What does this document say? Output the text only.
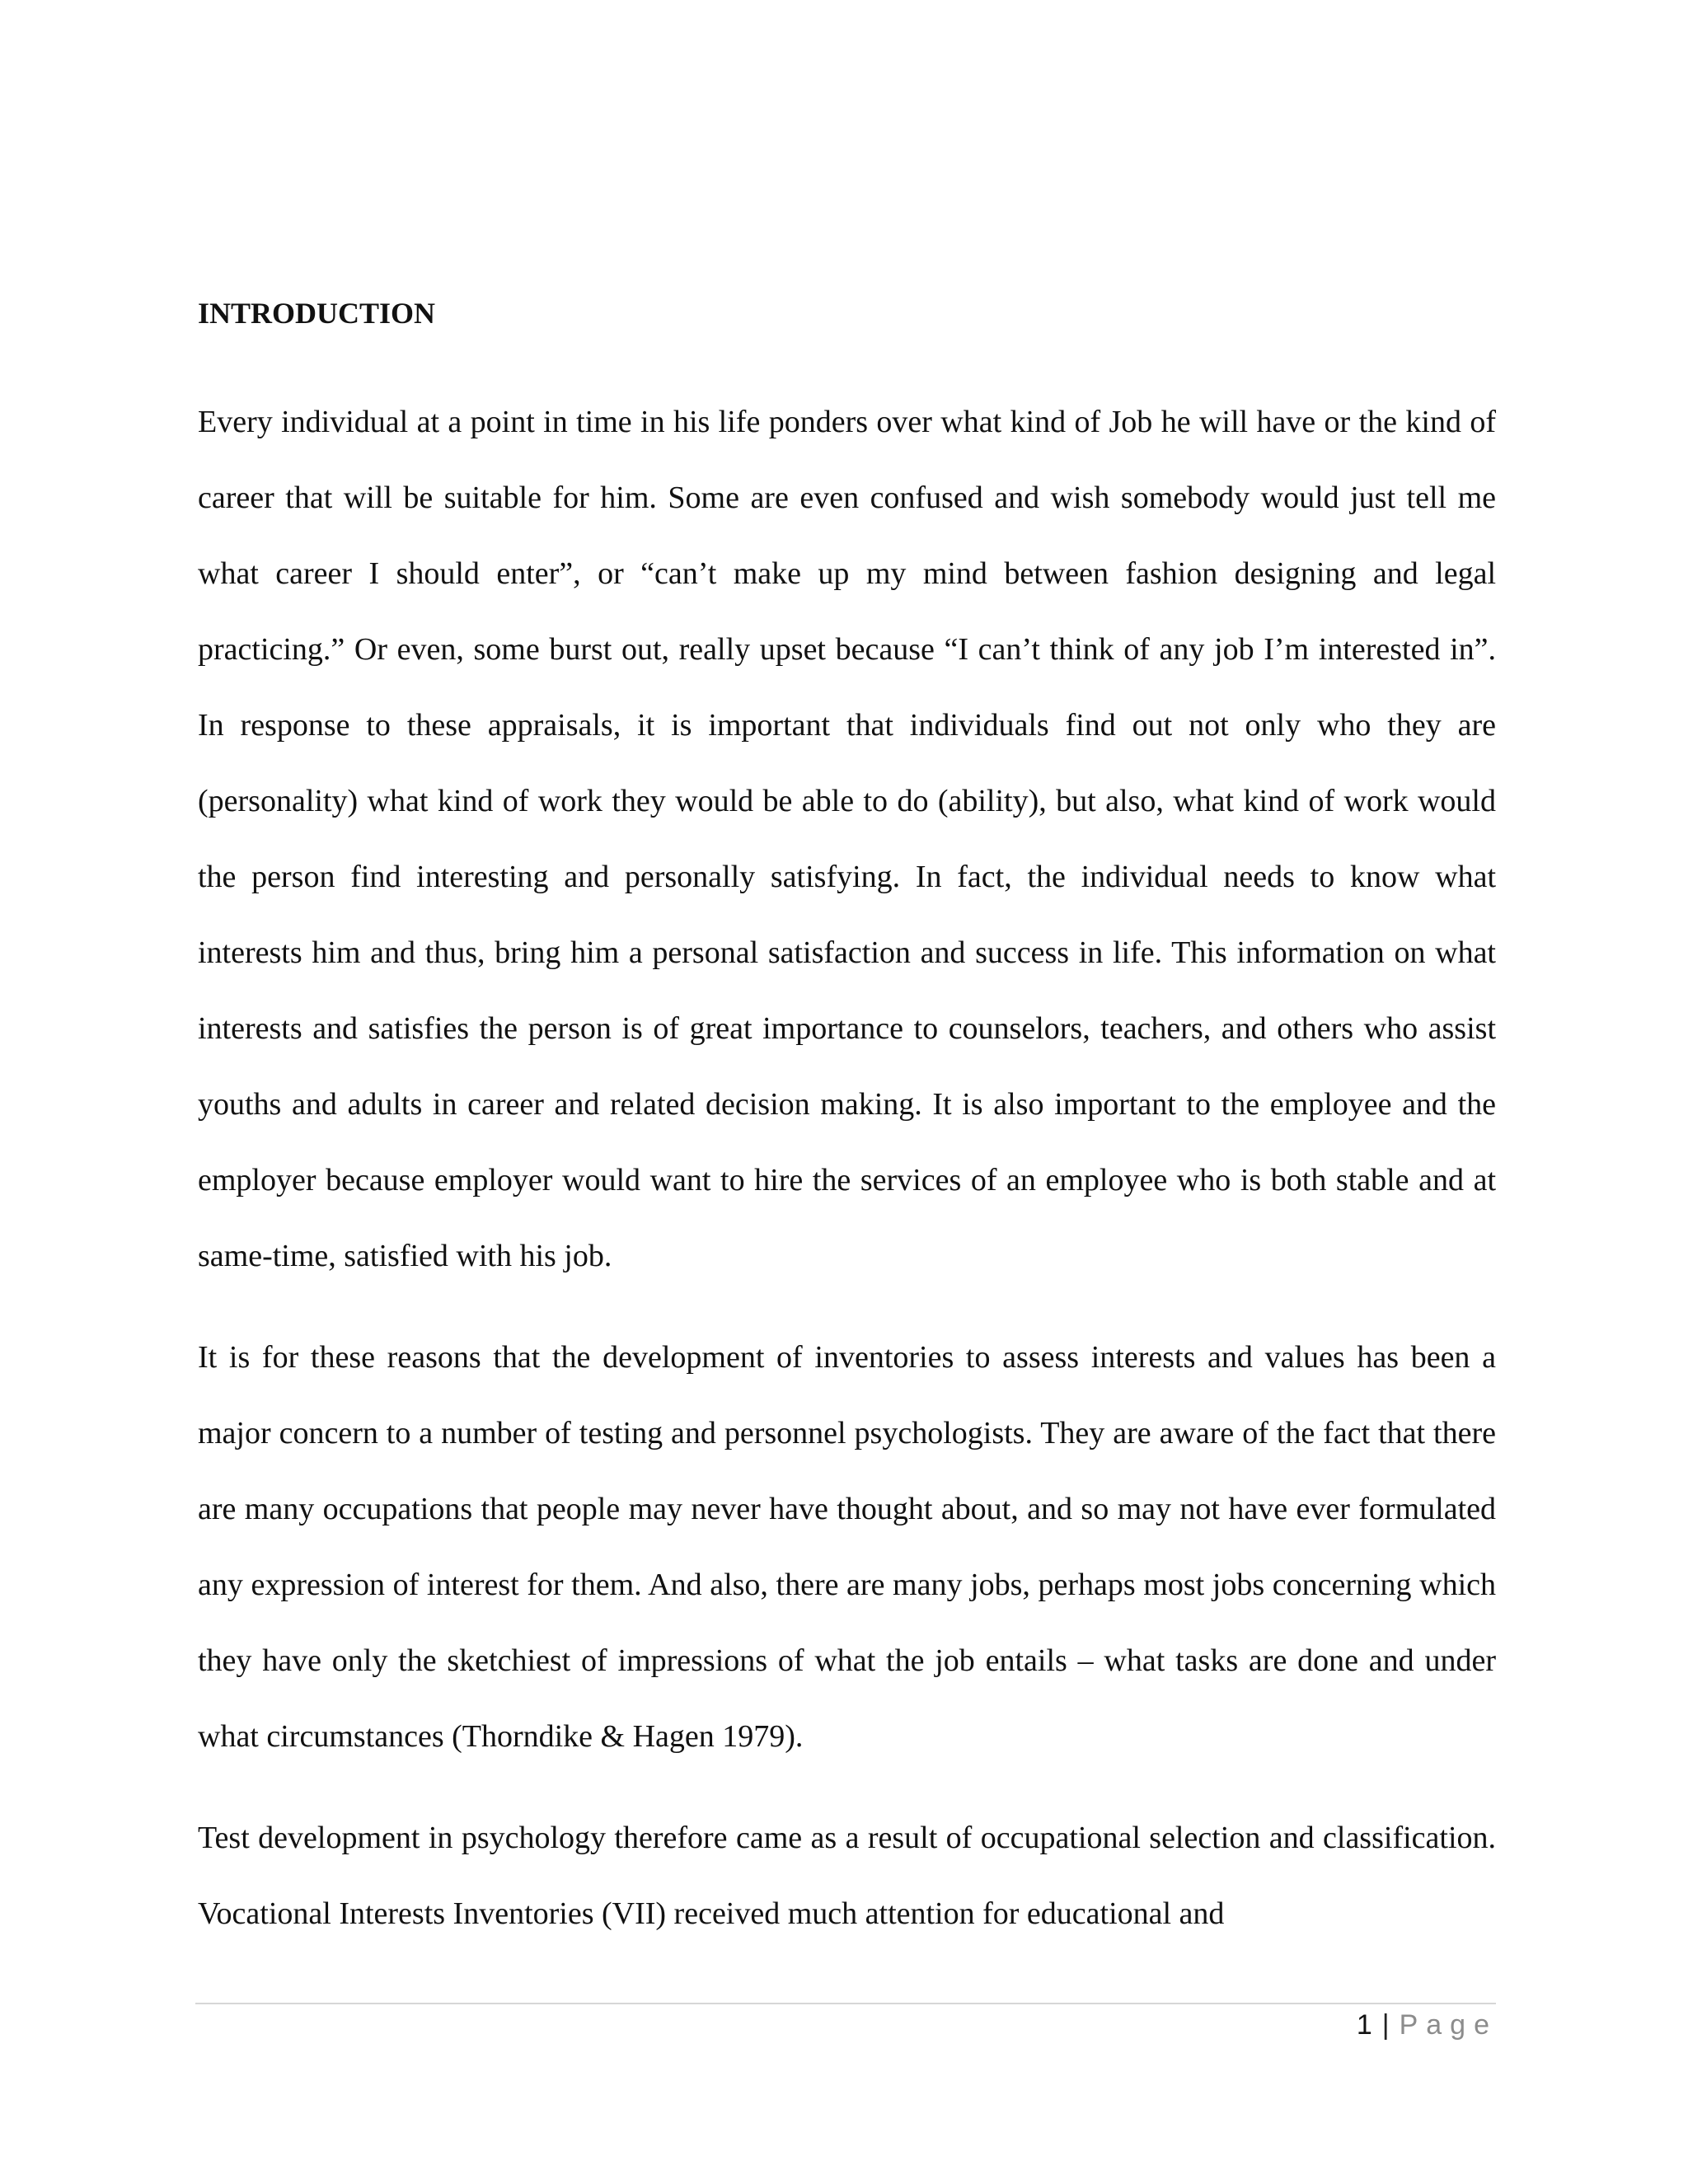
INTRODUCTION

Every individual at a point in time in his life ponders over what kind of Job he will have or the kind of career that will be suitable for him. Some are even confused and wish somebody would just tell me what career I should enter”, or “can’t make up my mind between fashion designing and legal practicing.” Or even, some burst out, really upset because “I can’t think of any job I’m interested in”. In response to these appraisals, it is important that individuals find out not only who they are (personality) what kind of work they would be able to do (ability), but also, what kind of work would the person find interesting and personally satisfying. In fact, the individual needs to know what interests him and thus, bring him a personal satisfaction and success in life. This information on what interests and satisfies the person is of great importance to counselors, teachers, and others who assist youths and adults in career and related decision making. It is also important to the employee and the employer because employer would want to hire the services of an employee who is both stable and at same-time, satisfied with his job.

It is for these reasons that the development of inventories to assess interests and values has been a major concern to a number of testing and personnel psychologists. They are aware of the fact that there are many occupations that people may never have thought about, and so may not have ever formulated any expression of interest for them. And also, there are many jobs, perhaps most jobs concerning which they have only the sketchiest of impressions of what the job entails – what tasks are done and under what circumstances (Thorndike & Hagen 1979).

Test development in psychology therefore came as a result of occupational selection and classification. Vocational Interests Inventories (VII) received much attention for educational and

1 | Page
